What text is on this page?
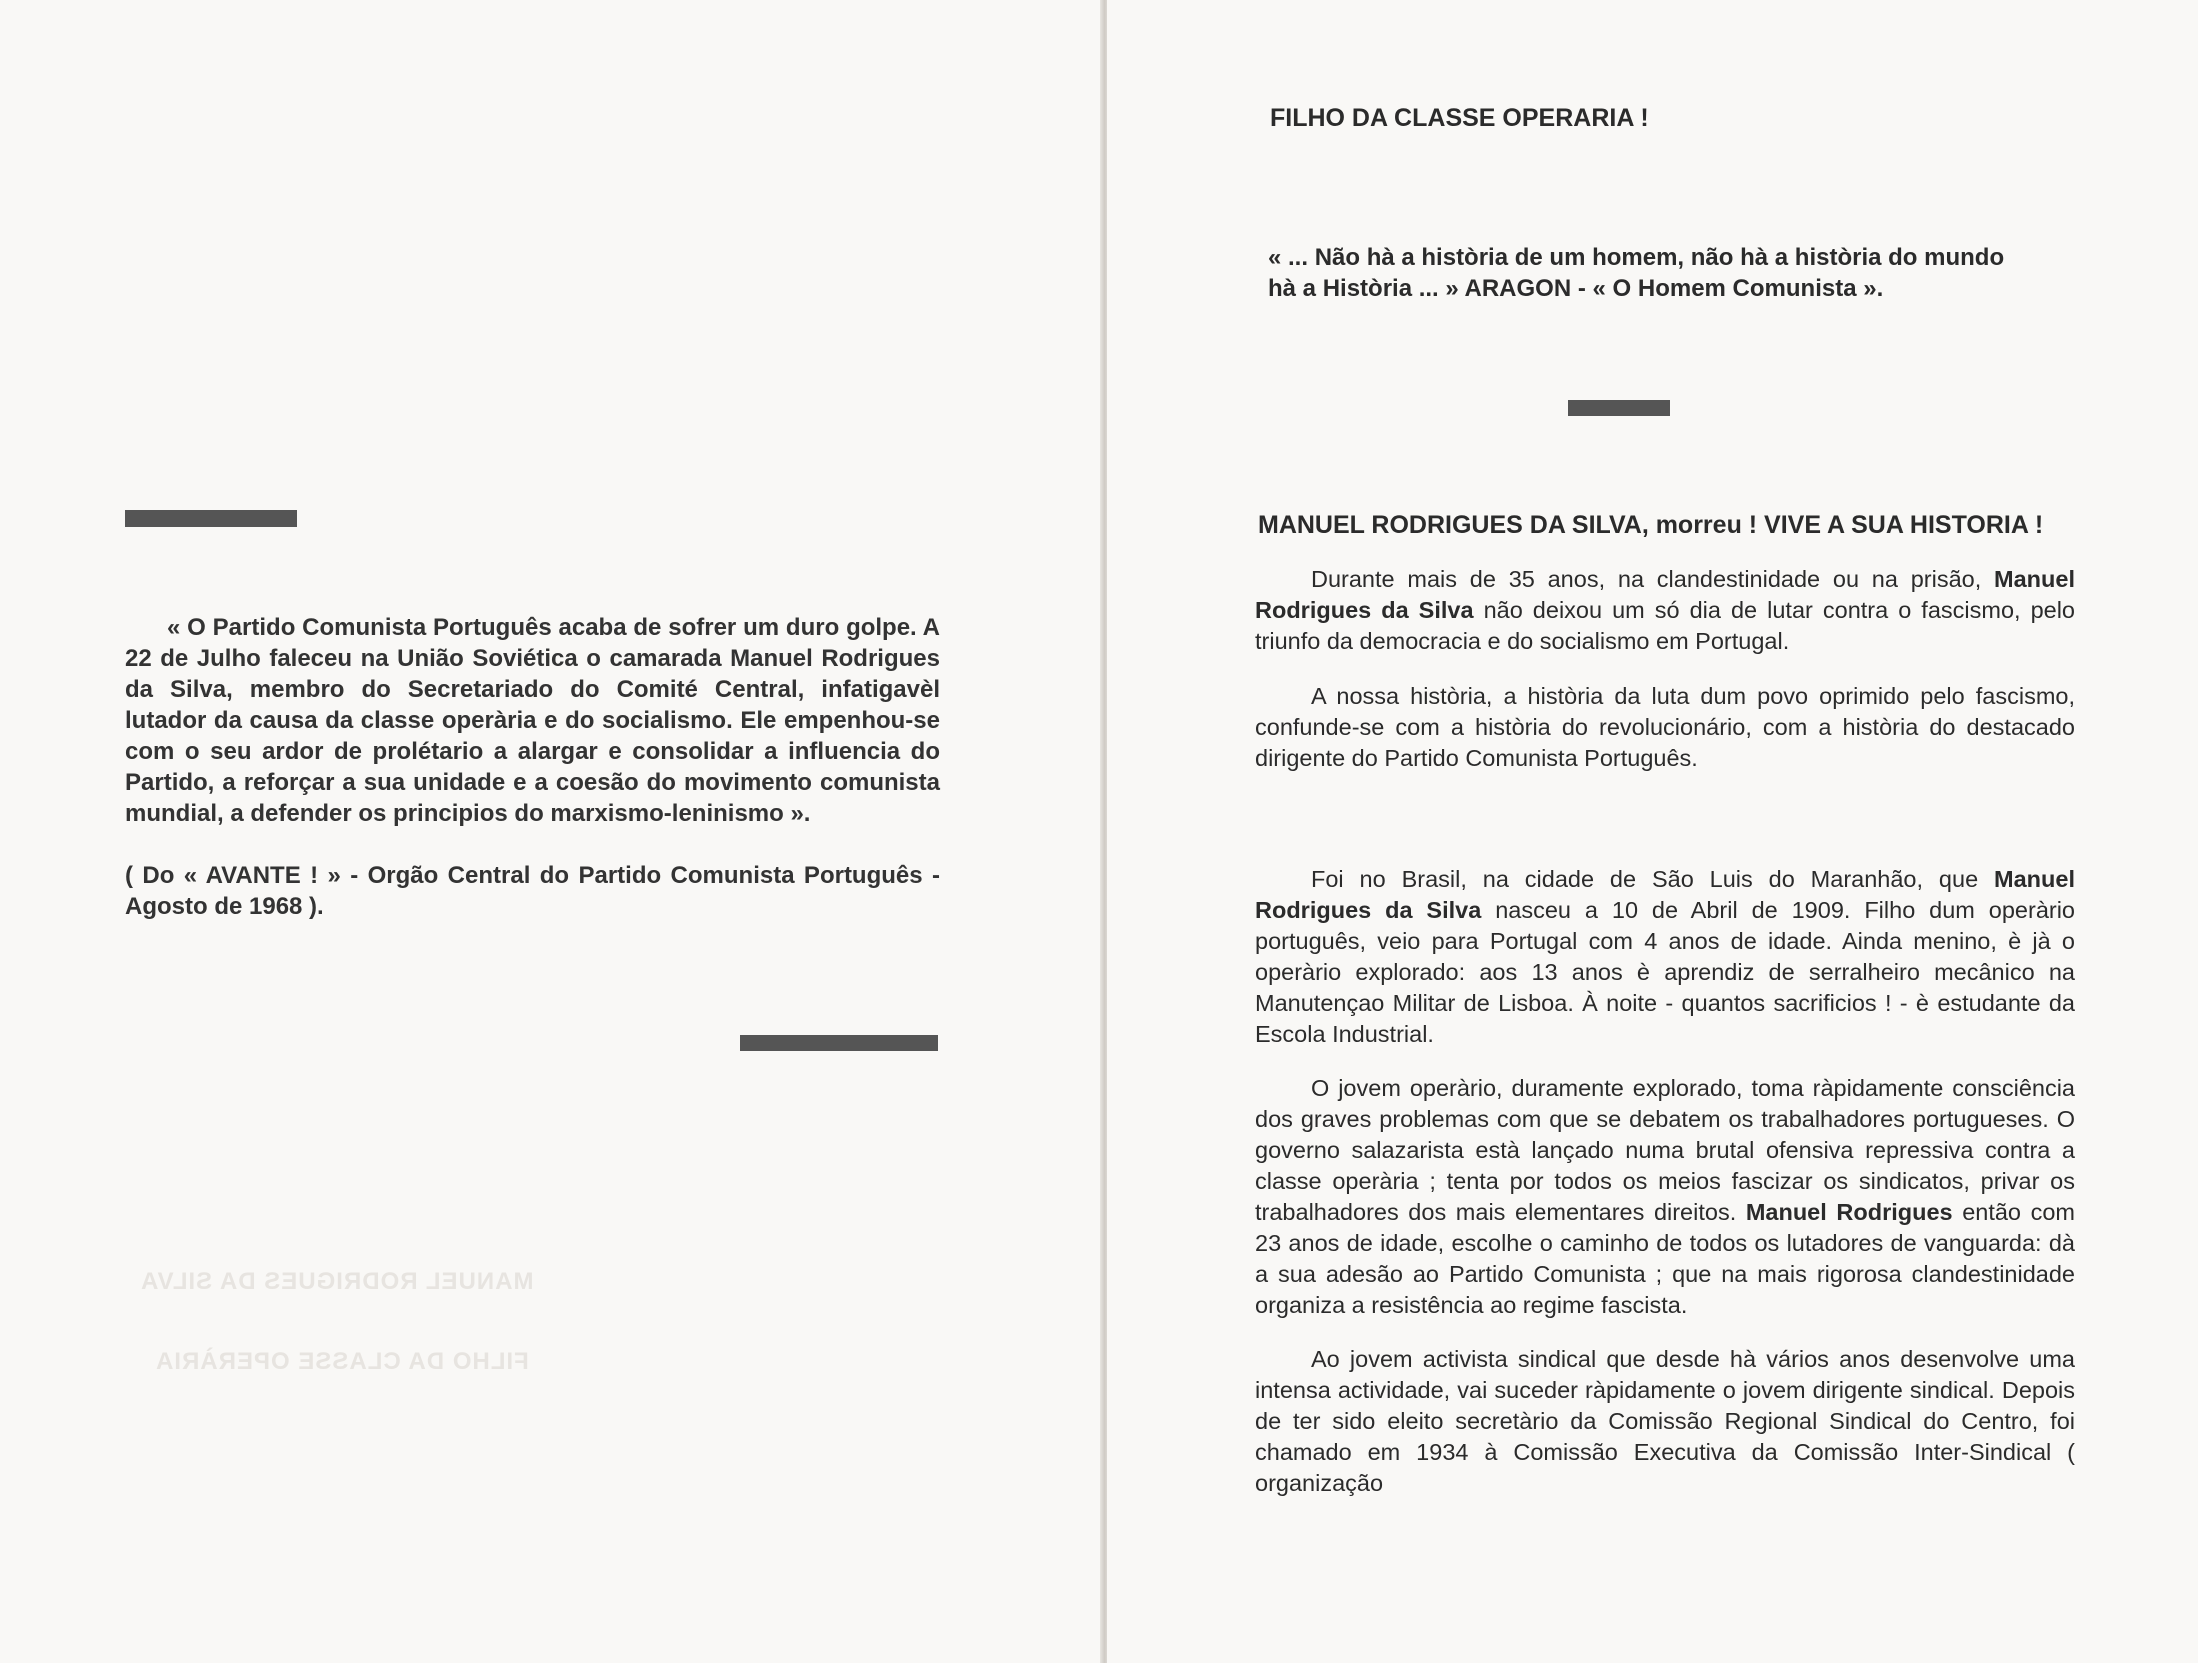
« O Partido Comunista Português acaba de sofrer um duro golpe. A 22 de Julho faleceu na União Soviética o camarada Manuel Rodrigues da Silva, membro do Secretariado do Comité Central, infatigavèl lutador da causa da classe operària e do socialismo. Ele empenhou-se com o seu ardor de prolétario a alargar e consolidar a influencia do Partido, a reforçar a sua unidade e a coesão do movimento comunista mundial, a defender os principios do marxismo-leninismo ».

( Do « AVANTE ! » - Orgão Central do Partido Comunista Português - Agosto de 1968 ).

MANUEL RODRIGUES DA SILVA
FILHO DA CLASSE OPERÀRIA

FILHO DA CLASSE OPERARIA !
« ... Não hà a història de um homem, não hà a història do mundo
hà a Història ... » ARAGON - « O Homem Comunista ».
MANUEL RODRIGUES DA SILVA, morreu ! VIVE A SUA HISTORIA !

Durante mais de 35 anos, na clandestinidade ou na prisão, Manuel Rodrigues da Silva não deixou um só dia de lutar contra o fascismo, pelo triunfo da democracia e do socialismo em Portugal.

A nossa història, a història da luta dum povo oprimido pelo fascismo, confunde-se com a història do revolucionário, com a història do destacado dirigente do Partido Comunista Português.

Foi no Brasil, na cidade de São Luis do Maranhão, que Manuel Rodrigues da Silva nasceu a 10 de Abril de 1909. Filho dum operàrio português, veio para Portugal com 4 anos de idade. Ainda menino, è jà o operàrio explorado: aos 13 anos è aprendiz de serralheiro mecânico na Manutençao Militar de Lisboa. À noite - quantos sacrificios ! - è estudante da Escola Industrial.

O jovem operàrio, duramente explorado, toma ràpidamente consciência dos graves problemas com que se debatem os trabalhadores portugueses. O governo salazarista està lançado numa brutal ofensiva repressiva contra a classe operària ; tenta por todos os meios fascizar os sindicatos, privar os trabalhadores dos mais elementares direitos. Manuel Rodrigues então com 23 anos de idade, escolhe o caminho de todos os lutadores de vanguarda: dà a sua adesão ao Partido Comunista ; que na mais rigorosa clandestinidade organiza a resistência ao regime fascista.

Ao jovem activista sindical que desde hà vários anos desenvolve uma intensa actividade, vai suceder ràpidamente o jovem dirigente sindical. Depois de ter sido eleito secretàrio da Comissão Regional Sindical do Centro, foi chamado em 1934 à Comissão Executiva da Comissão Inter-Sindical ( organização
